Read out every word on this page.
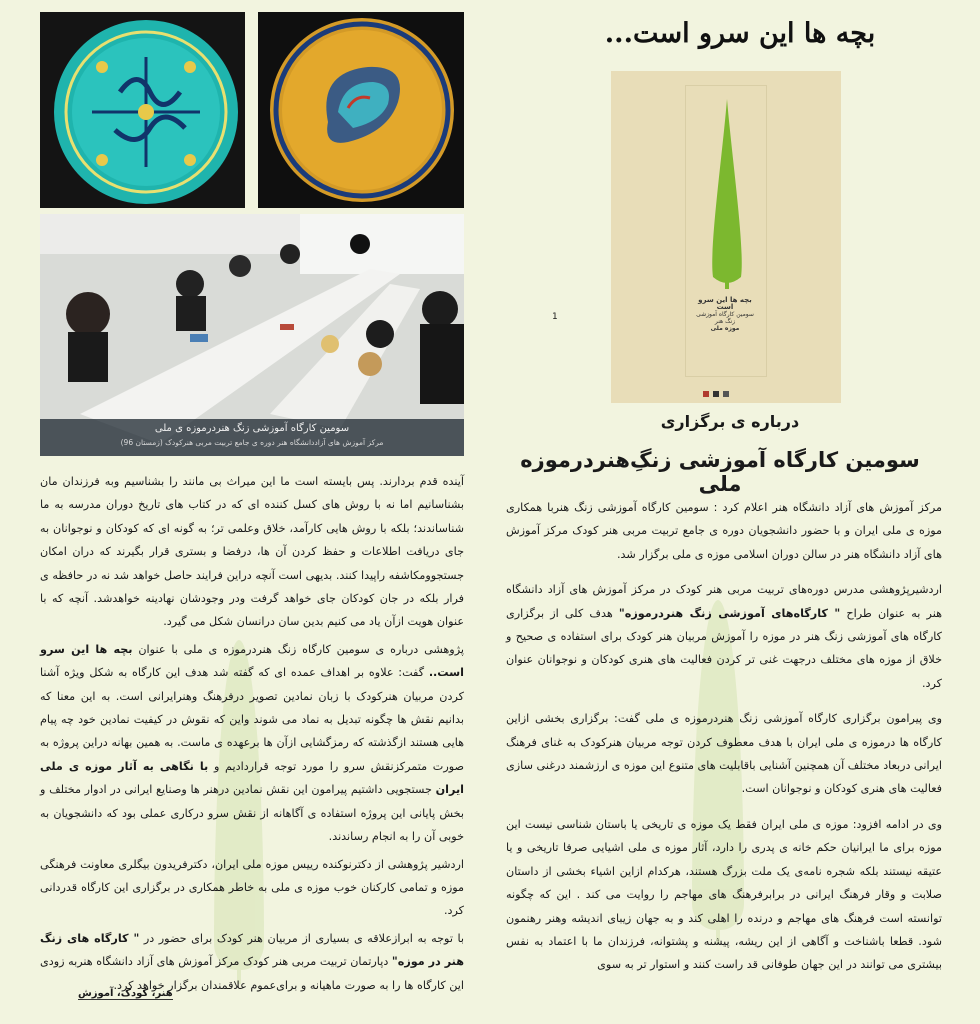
سومین کارگاه آموزشی زنگ هنردرموزه ی ملی
مرکز آموزش های آزاددانشگاه هنر دوره ی جامع تربیت مربی هنرکودک (زمستان 96)
بچه ها این سرو است...
بچه ها این سرو است
سومین کارگاه آموزشی زنگ هنر
موزه ملی
1
درباره ی برگزاری
سومین کارگاه آموزشی زنگِ‌هنردرموزه ملی

مرکز آموزش های آزاد دانشگاه هنر اعلام کرد : سومین کارگاه آموزشی زنگ هنربا همکاری موزه ی ملی ایران و با حضور دانشجویان دوره ی جامع تربیت مربی هنر کودک مرکز آموزش های آزاد دانشگاه هنر در سالن دوران اسلامی موزه ی ملی برگزار شد.

اردشیرپژوهشی مدرس دوره‌های تربیت مربی هنر کودک در مرکز آموزش های آزاد دانشگاه هنر به عنوان طراح " کارگاه‌های آموزشی زنگ هنردرموزه" هدف کلی از برگزاری کارگاه های آموزشی زنگ هنر در موزه را آموزش مربیان هنر کودک برای استفاده ی صحیح و خلاق از موزه های مختلف درجهت غنی تر کردن فعالیت های هنری کودکان و نوجوانان عنوان کرد.

وی پیرامون برگزاری کارگاه آموزشی زنگ هنردرموزه ی ملی گفت: برگزاری بخشی ازاین کارگاه ها درموزه ی ملی ایران با هدف معطوف کردن توجه مربیان هنرکودک به غنای فرهنگ ایرانی دربعاد مختلف آن همچنین آشنایی باقابلیت های متنوع این موزه ی ارزشمند درغنی سازی فعالیت های هنری کودکان و نوجوانان است.

وی در ادامه افزود: موزه ی ملی ایران فقط یک موزه ی تاریخی یا باستان شناسی نیست این موزه برای ما ایرانیان حکم خانه ی پدری را دارد، آثار موزه ی ملی اشیایی صرفا تاریخی و یا عتیقه نیستند بلکه شجره نامه‌ی یک ملت بزرگ هستند، هرکدام ازاین اشیاء بخشی از داستان صلابت و وقار فرهنگ ایرانی در برابرفرهنگ های مهاجم را روایت می کند . این که چگونه توانسته است فرهنگ های مهاجم و درنده را اهلی کند و به جهان زیبای اندیشه وهنر رهنمون شود. قطعا باشناخت و آگاهی از این ریشه، پیشنه و پشتوانه، فرزندان ما با اعتماد به نفس بیشتری می توانند در این جهان طوفانی قد راست کنند و استوار تر به سوی

آینده قدم بردارند. پس بایسته است ما این میراث بی مانند را بشناسیم وبه فرزندان مان بشناسانیم اما نه با روش های کسل کننده ای که در کتاب های تاریخ دوران مدرسه به ما شناساندند؛ بلکه با روش هایی کارآمد، خلاق وعلمی تر؛ به گونه ای که کودکان و نوجوانان به جای دریافت اطلاعات و حفظ کردن آن ها، درفضا و بستری قرار بگیرند که دران امکان جستجوومکاشفه راپیدا کنند. بدیهی است آنچه دراین فرایند حاصل خواهد شد نه در حافظه ی فرار بلکه در جان کودکان جای خواهد گرفت ودر وجودشان نهادینه خواهدشد. آنچه که با عنوان هویت ازآن یاد می کنیم بدین سان درانسان شکل می گیرد.

پژوهشی درباره ی سومین کارگاه زنگ هنردرموزه ی ملی با عنوان بچه ها این سرو است.. گفت: علاوه بر اهداف عمده ای که گفته شد هدف این کارگاه به شکل ویژه آشنا کردن مربیان هنرکودک با زبان نمادین تصویر درفرهنگ وهنرایرانی است. به این معنا که بدانیم نقش ها چگونه تبدیل به نماد می شوند واین که نقوش در کیفیت نمادین خود چه پیام هایی هستند ازگذشته که رمزگشایی ازآن ها برعهده ی ماست. به همین بهانه دراین پروژه به صورت متمرکزنقش سرو را مورد توجه قراردادیم و با نگاهی به آثار موزه ی ملی ایران جستجویی داشتیم پیرامون این نقش نمادین درهنر ها وصنایع ایرانی در ادوار مختلف و بخش پایانی این پروژه استفاده ی آگاهانه از نقش سرو درکاری عملی بود که دانشجویان به خوبی آن را به انجام رساندند.

اردشیر پژوهشی از دکترنوکنده رییس موزه ملی ایران، دکترفریدون بیگلری معاونت فرهنگی موزه و تمامی کارکنان خوب موزه ی ملی به خاطر همکاری در برگزاری این کارگاه قدردانی کرد.

با توجه به ابرازعلاقه ی بسیاری از مربیان هنر کودک برای حضور در " کارگاه های زنگ هنر در موزه" دپارتمان تربیت مربی هنر کودک مرکز آموزش های آزاد دانشگاه هنربه زودی این کارگاه ها را به صورت ماهیانه و برای‌عموم علاقمندان برگزار خواهد کرد.

هنر، کودک، آموزش
